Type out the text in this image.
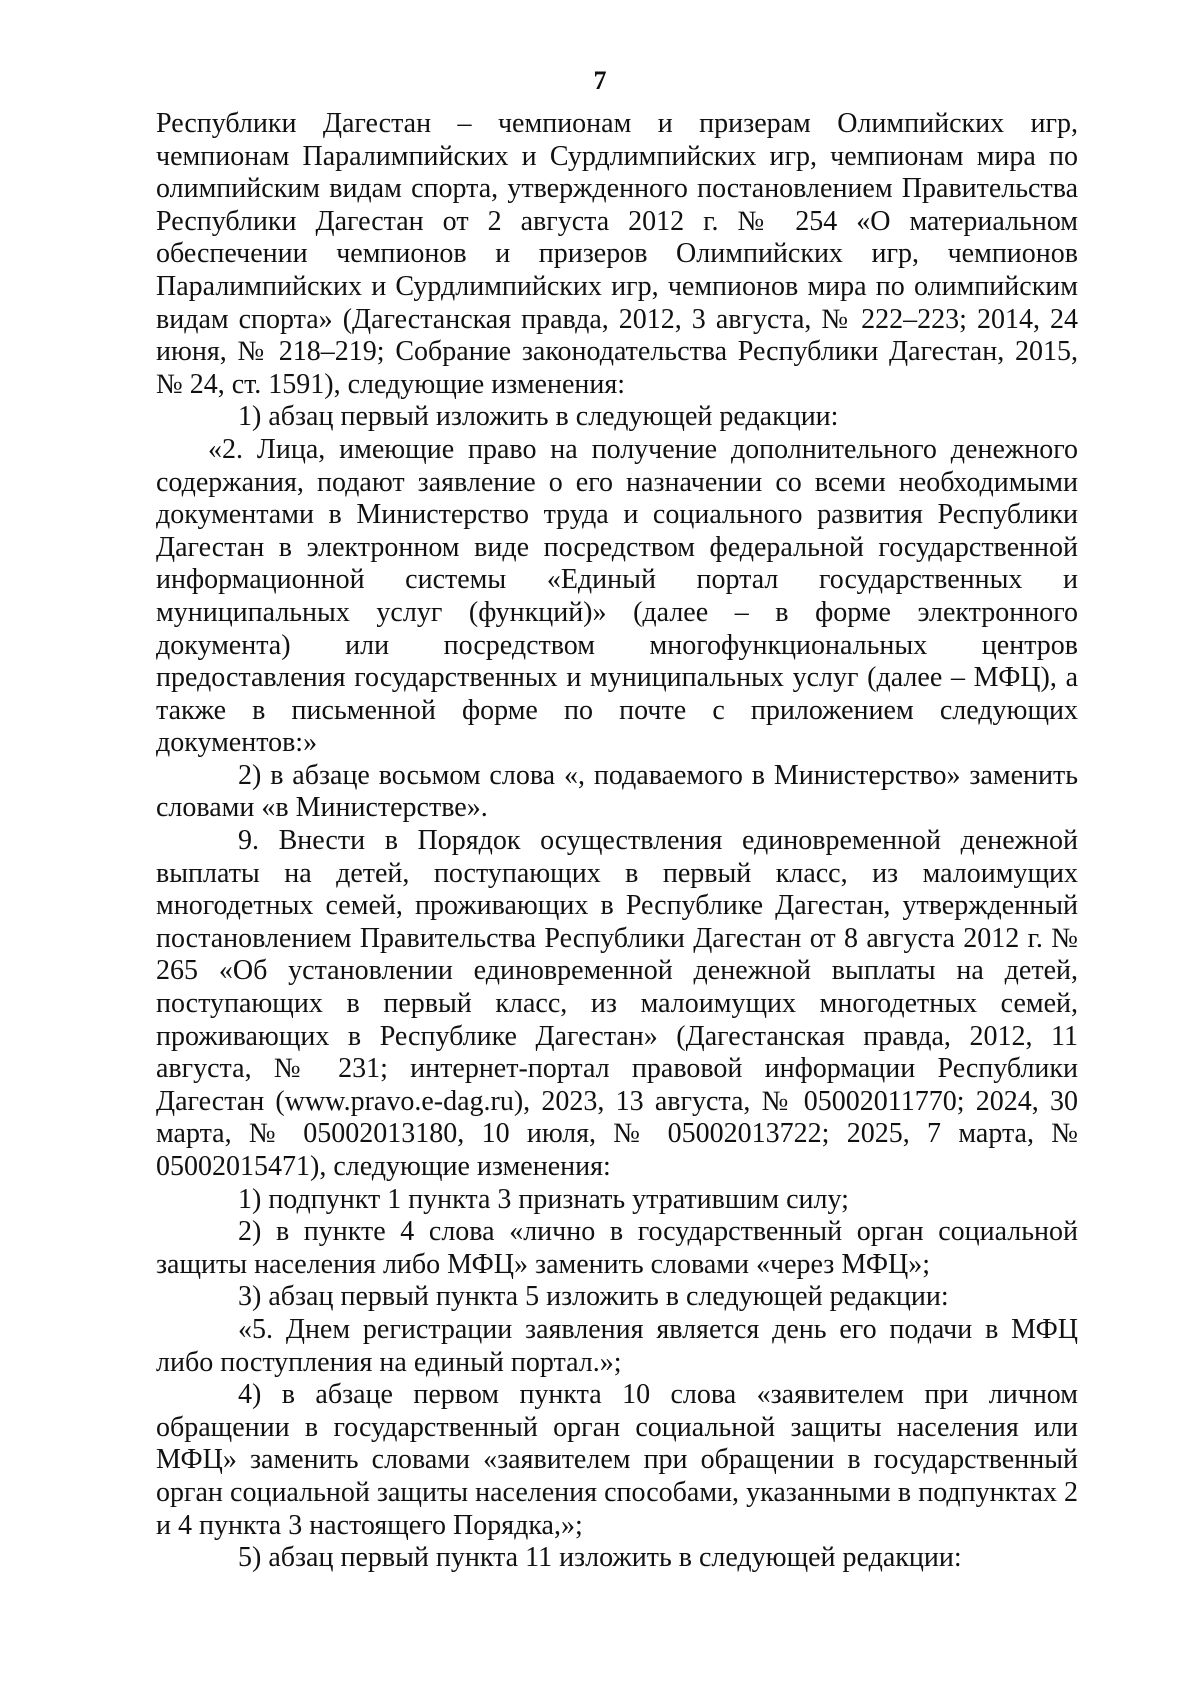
7

Республики Дагестан – чемпионам и призерам Олимпийских игр, чемпионам Паралимпийских и Сурдлимпийских игр, чемпионам мира по олимпийским видам спорта, утвержденного постановлением Правительства Республики Дагестан от 2 августа 2012 г. № 254 «О материальном обеспечении чемпионов и призеров Олимпийских игр, чемпионов Паралимпийских и Сурдлимпийских игр, чемпионов мира по олимпийским видам спорта» (Дагестанская правда, 2012, 3 августа, № 222–223; 2014, 24 июня, № 218–219; Собрание законодательства Республики Дагестан, 2015, № 24, ст. 1591), следующие изменения:

1) абзац первый изложить в следующей редакции:

«2. Лица, имеющие право на получение дополнительного денежного содержания, подают заявление о его назначении со всеми необходимыми документами в Министерство труда и социального развития Республики Дагестан в электронном виде посредством федеральной государственной информационной системы «Единый портал государственных и муниципальных услуг (функций)» (далее – в форме электронного документа) или посредством многофункциональных центров предоставления государственных и муниципальных услуг (далее – МФЦ), а также в письменной форме по почте с приложением следующих документов:»

2) в абзаце восьмом слова «, подаваемого в Министерство» заменить словами «в Министерстве».

9. Внести в Порядок осуществления единовременной денежной выплаты на детей, поступающих в первый класс, из малоимущих многодетных семей, проживающих в Республике Дагестан, утвержденный постановлением Правительства Республики Дагестан от 8 августа 2012 г. № 265 «Об установлении единовременной денежной выплаты на детей, поступающих в первый класс, из малоимущих многодетных семей, проживающих в Республике Дагестан» (Дагестанская правда, 2012, 11 августа, № 231; интернет-портал правовой информации Республики Дагестан (www.pravo.e-dag.ru), 2023, 13 августа, № 05002011770; 2024, 30 марта, № 05002013180, 10 июля, № 05002013722; 2025, 7 марта, № 05002015471), следующие изменения:

1) подпункт 1 пункта 3 признать утратившим силу;

2) в пункте 4 слова «лично в государственный орган социальной защиты населения либо МФЦ» заменить словами «через МФЦ»;

3) абзац первый пункта 5 изложить в следующей редакции:

«5. Днем регистрации заявления является день его подачи в МФЦ либо поступления на единый портал.»;

4) в абзаце первом пункта 10 слова «заявителем при личном обращении в государственный орган социальной защиты населения или МФЦ» заменить словами «заявителем при обращении в государственный орган социальной защиты населения способами, указанными в подпунктах 2 и 4 пункта 3 настоящего Порядка,»;

5) абзац первый пункта 11 изложить в следующей редакции:
